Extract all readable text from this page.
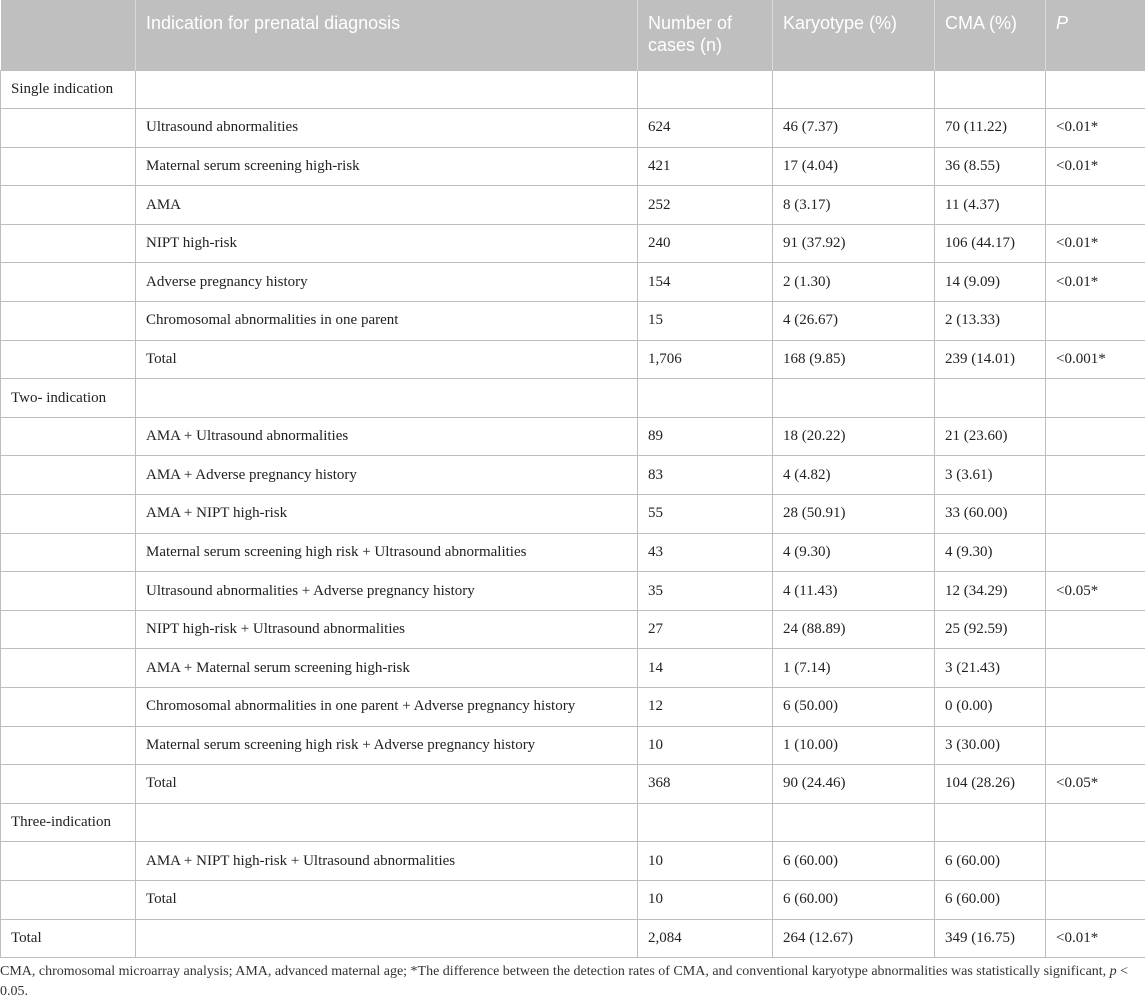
	Indication for prenatal diagnosis	Number of cases (n)	Karyotype (%)	CMA (%)	P
Single indication					
	Ultrasound abnormalities	624	46 (7.37)	70 (11.22)	<0.01*
	Maternal serum screening high-risk	421	17 (4.04)	36 (8.55)	<0.01*
	AMA	252	8 (3.17)	11 (4.37)	
	NIPT high-risk	240	91 (37.92)	106 (44.17)	<0.01*
	Adverse pregnancy history	154	2 (1.30)	14 (9.09)	<0.01*
	Chromosomal abnormalities in one parent	15	4 (26.67)	2 (13.33)	
	Total	1,706	168 (9.85)	239 (14.01)	<0.001*
Two- indication					
	AMA + Ultrasound abnormalities	89	18 (20.22)	21 (23.60)	
	AMA + Adverse pregnancy history	83	4 (4.82)	3 (3.61)	
	AMA + NIPT high-risk	55	28 (50.91)	33 (60.00)	
	Maternal serum screening high risk + Ultrasound abnormalities	43	4 (9.30)	4 (9.30)	
	Ultrasound abnormalities + Adverse pregnancy history	35	4 (11.43)	12 (34.29)	<0.05*
	NIPT high-risk + Ultrasound abnormalities	27	24 (88.89)	25 (92.59)	
	AMA + Maternal serum screening high-risk	14	1 (7.14)	3 (21.43)	
	Chromosomal abnormalities in one parent + Adverse pregnancy history	12	6 (50.00)	0 (0.00)	
	Maternal serum screening high risk + Adverse pregnancy history	10	1 (10.00)	3 (30.00)	
	Total	368	90 (24.46)	104 (28.26)	<0.05*
Three-indication					
	AMA + NIPT high-risk + Ultrasound abnormalities	10	6 (60.00)	6 (60.00)	
	Total	10	6 (60.00)	6 (60.00)	
Total		2,084	264 (12.67)	349 (16.75)	<0.01*

CMA, chromosomal microarray analysis; AMA, advanced maternal age; *The difference between the detection rates of CMA, and conventional karyotype abnormalities was statistically significant, p < 0.05.
